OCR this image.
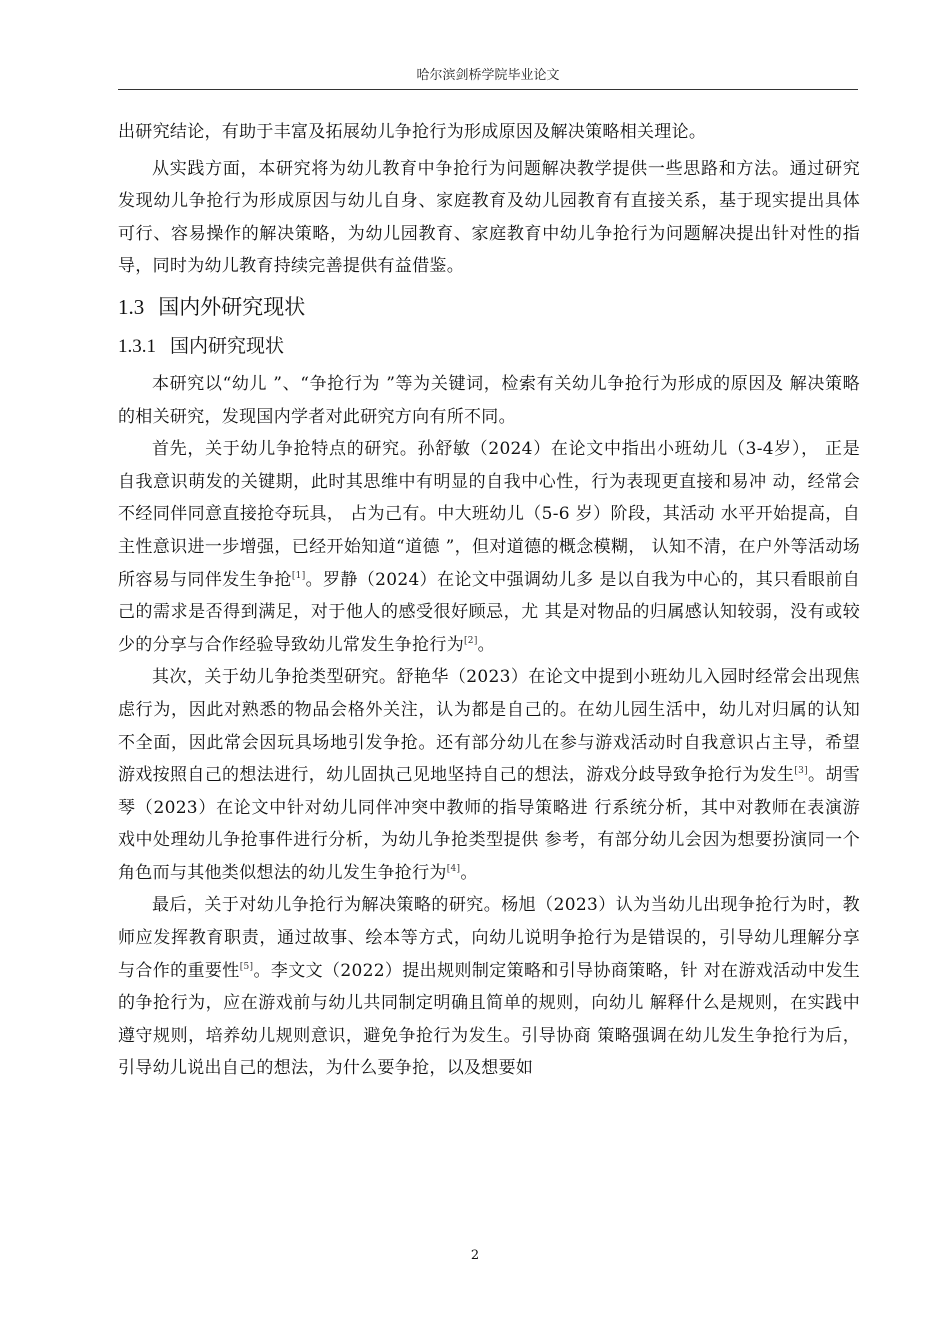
哈尔滨剑桥学院毕业论文

出研究结论，有助于丰富及拓展幼儿争抢行为形成原因及解决策略相关理论。

从实践方面，本研究将为幼儿教育中争抢行为问题解决教学提供一些思路和方法。通过研究发现幼儿争抢行为形成原因与幼儿自身、家庭教育及幼儿园教育有直接关系，基于现实提出具体可行、容易操作的解决策略，为幼儿园教育、家庭教育中幼儿争抢行为问题解决提出针对性的指导，同时为幼儿教育持续完善提供有益借鉴。

1.3 国内外研究现状
1.3.1 国内研究现状

本研究以“幼儿 ”、“争抢行为 ”等为关键词，检索有关幼儿争抢行为形成的原因及 解决策略的相关研究，发现国内学者对此研究方向有所不同。

首先，关于幼儿争抢特点的研究。孙舒敏（2024）在论文中指出小班幼儿（3-4岁）， 正是自我意识萌发的关键期，此时其思维中有明显的自我中心性，行为表现更直接和易冲 动，经常会不经同伴同意直接抢夺玩具， 占为己有。中大班幼儿（5-6 岁）阶段，其活动 水平开始提高，自主性意识进一步增强，已经开始知道“道德 ”，但对道德的概念模糊， 认知不清，在户外等活动场所容易与同伴发生争抢[1]。罗静（2024）在论文中强调幼儿多 是以自我为中心的，其只看眼前自己的需求是否得到满足，对于他人的感受很好顾忌，尤 其是对物品的归属感认知较弱，没有或较少的分享与合作经验导致幼儿常发生争抢行为[2]。

其次，关于幼儿争抢类型研究。舒艳华（2023）在论文中提到小班幼儿入园时经常会出现焦虑行为，因此对熟悉的物品会格外关注，认为都是自己的。在幼儿园生活中，幼儿对归属的认知不全面，因此常会因玩具场地引发争抢。还有部分幼儿在参与游戏活动时自我意识占主导，希望游戏按照自己的想法进行，幼儿固执己见地坚持自己的想法，游戏分歧导致争抢行为发生[3]。胡雪琴（2023）在论文中针对幼儿同伴冲突中教师的指导策略进 行系统分析，其中对教师在表演游戏中处理幼儿争抢事件进行分析，为幼儿争抢类型提供 参考，有部分幼儿会因为想要扮演同一个角色而与其他类似想法的幼儿发生争抢行为[4]。

最后，关于对幼儿争抢行为解决策略的研究。杨旭（2023）认为当幼儿出现争抢行为时，教师应发挥教育职责，通过故事、绘本等方式，向幼儿说明争抢行为是错误的，引导幼儿理解分享与合作的重要性[5]。李文文（2022）提出规则制定策略和引导协商策略，针 对在游戏活动中发生的争抢行为，应在游戏前与幼儿共同制定明确且简单的规则，向幼儿 解释什么是规则，在实践中遵守规则，培养幼儿规则意识，避免争抢行为发生。引导协商 策略强调在幼儿发生争抢行为后，引导幼儿说出自己的想法，为什么要争抢，以及想要如

2
